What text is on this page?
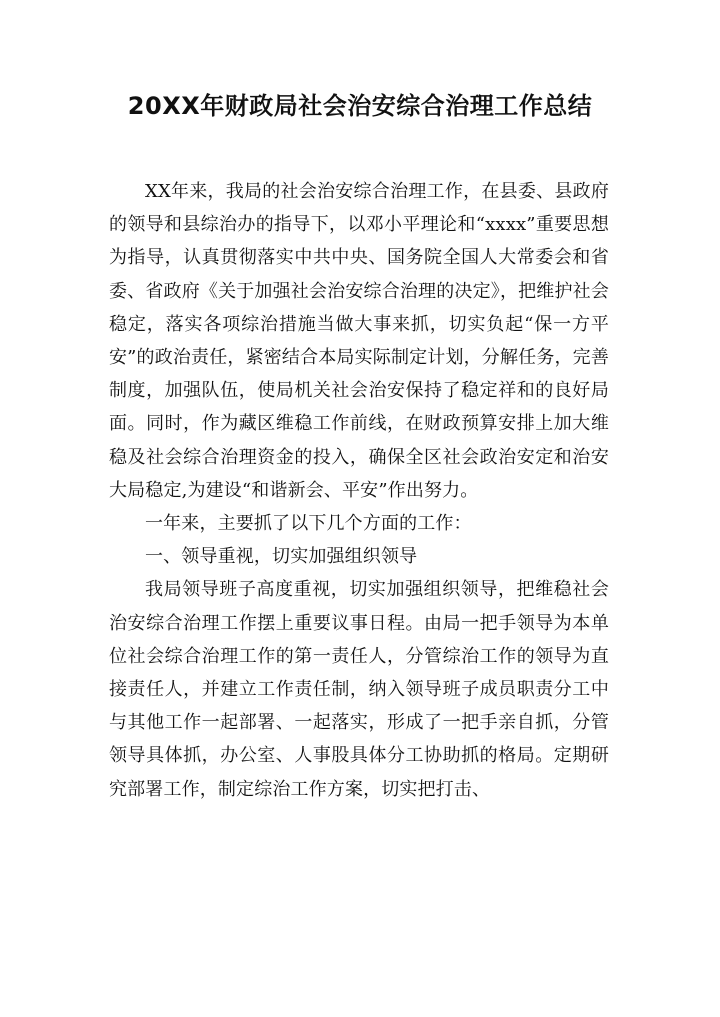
20XX年财政局社会治安综合治理工作总结

XX年来，我局的社会治安综合治理工作，在县委、县政府的领导和县综治办的指导下，以邓小平理论和“xxxx”重要思想为指导，认真贯彻落实中共中央、国务院全国人大常委会和省委、省政府《关于加强社会治安综合治理的决定》，把维护社会稳定，落实各项综治措施当做大事来抓，切实负起“保一方平安”的政治责任，紧密结合本局实际制定计划，分解任务，完善制度，加强队伍，使局机关社会治安保持了稳定祥和的良好局面。同时，作为藏区维稳工作前线，在财政预算安排上加大维稳及社会综合治理资金的投入，确保全区社会政治安定和治安大局稳定,为建设“和谐新会、平安”作出努力。

一年来，主要抓了以下几个方面的工作：

一、领导重视，切实加强组织领导

我局领导班子高度重视，切实加强组织领导，把维稳社会治安综合治理工作摆上重要议事日程。由局一把手领导为本单位社会综合治理工作的第一责任人，分管综治工作的领导为直接责任人，并建立工作责任制，纳入领导班子成员职责分工中与其他工作一起部署、一起落实，形成了一把手亲自抓，分管领导具体抓，办公室、人事股具体分工协助抓的格局。定期研究部署工作，制定综治工作方案，切实把打击、
